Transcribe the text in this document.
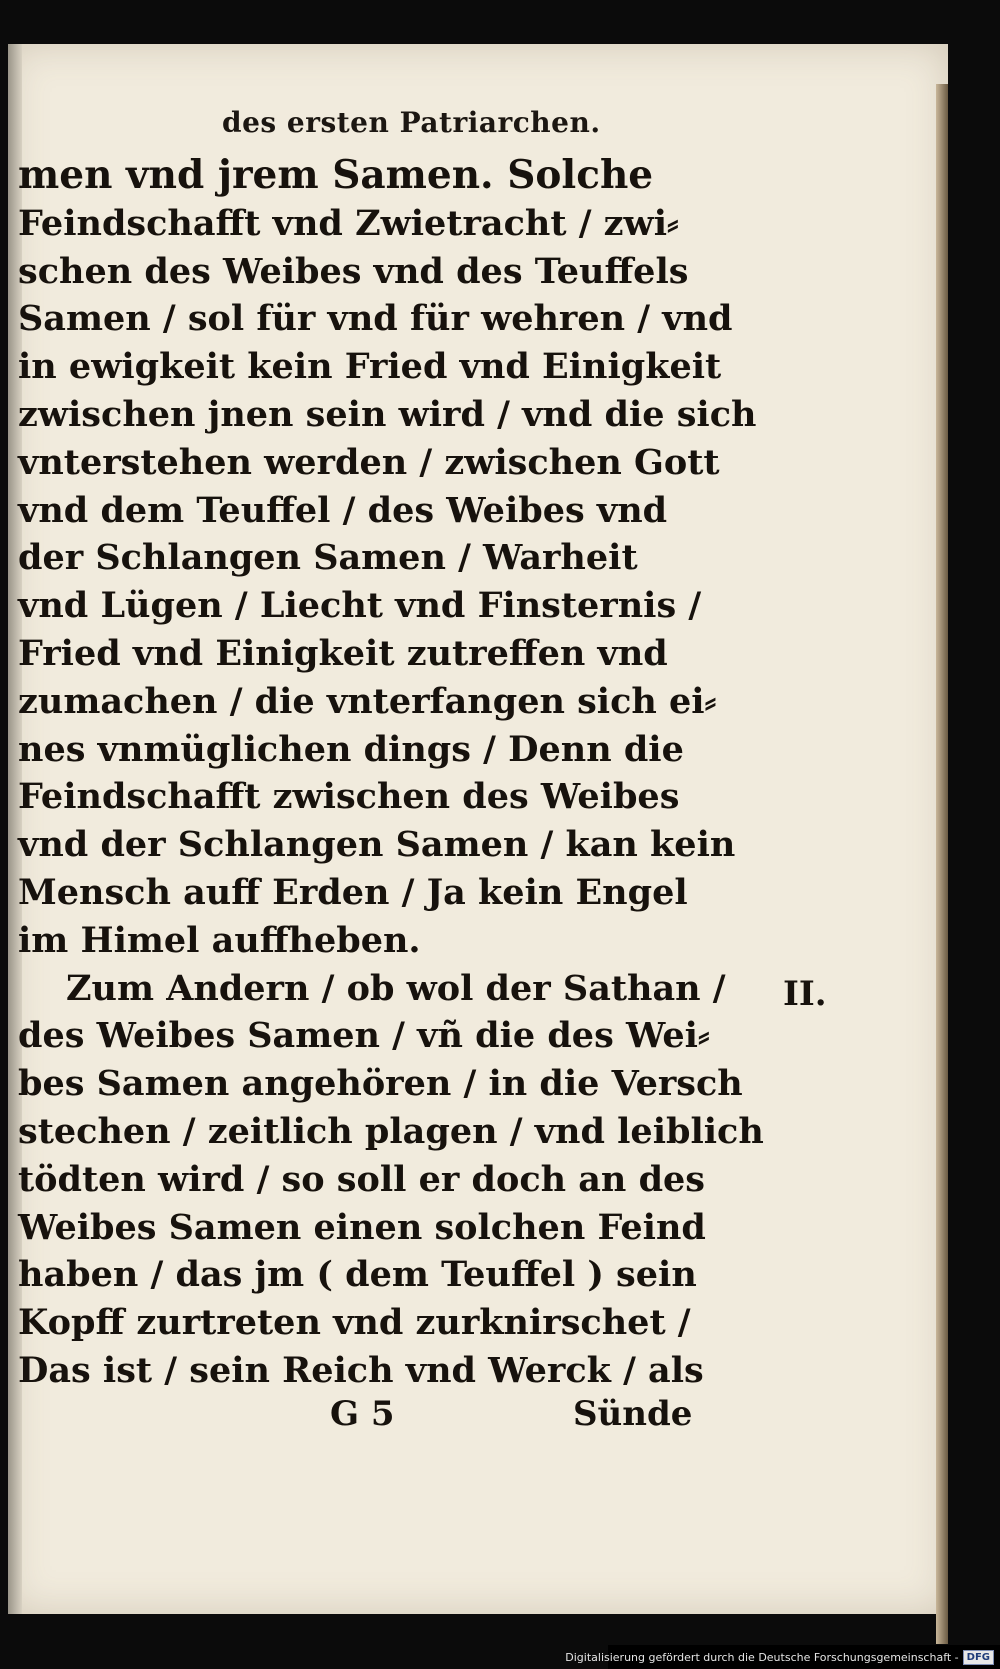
des ersten Patriarchen.
men vnd jrem Samen. Solche
Feindschafft vnd Zwietracht / zwi⸗
schen des Weibes vnd des Teuffels
Samen / sol für vnd für wehren / vnd
in ewigkeit kein Fried vnd Einigkeit
zwischen jnen sein wird / vnd die sich
vnterstehen werden / zwischen Gott
vnd dem Teuffel / des Weibes vnd
der Schlangen Samen / Warheit
vnd Lügen / Liecht vnd Finsternis /
Fried vnd Einigkeit zutreffen vnd
zumachen / die vnterfangen sich ei⸗
nes vnmüglichen dings / Denn die
Feindschafft zwischen des Weibes
vnd der Schlangen Samen / kan kein
Mensch auff Erden / Ja kein Engel
im Himel auffheben.
Zum Andern / ob wol der Sathan /
des Weibes Samen / vñ die des Wei⸗
bes Samen angehören / in die Versch
stechen / zeitlich plagen / vnd leiblich
tödten wird / so soll er doch an des
Weibes Samen einen solchen Feind
haben / das jm ( dem Teuffel ) sein
Kopff zurtreten vnd zurknirschet /
Das ist / sein Reich vnd Werck / als
II.
G 5	Sünde
Digitalisierung gefördert durch die Deutsche Forschungsgemeinschaft - DFG
